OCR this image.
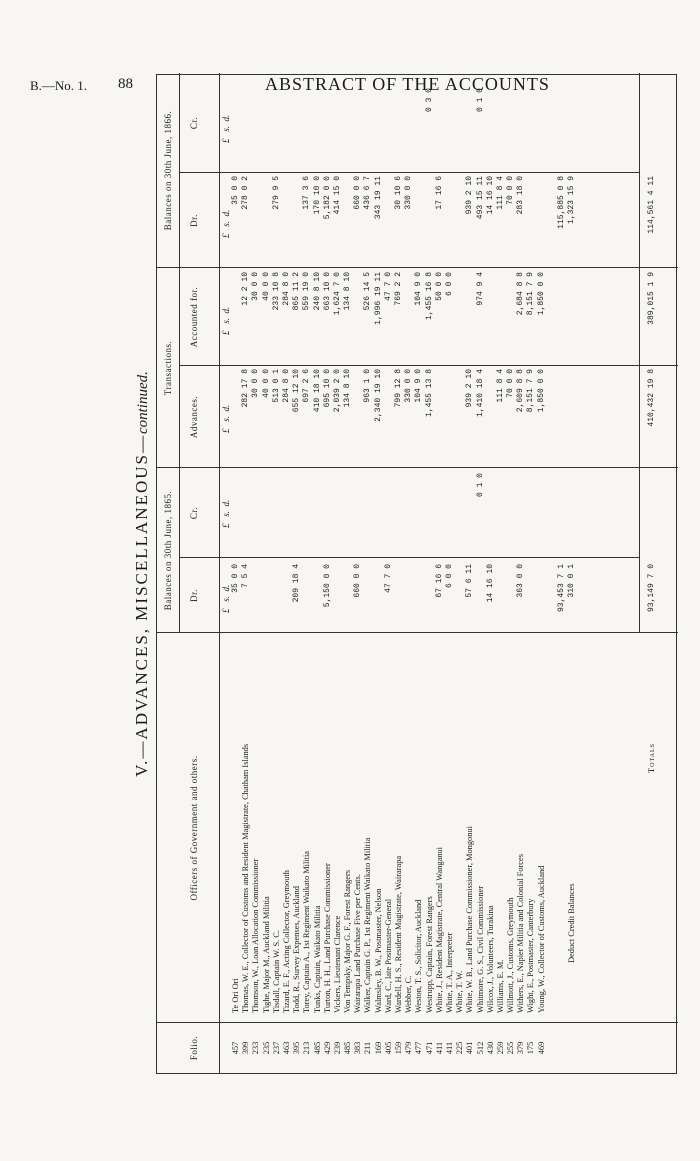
B.—No. 1. 88	ABSTRACT OF THE ACCOUNTS
V.—ADVANCES, MISCELLANEOUS—continued.
Folio.
Officers of Government and others.
Balances on 30th June, 1865.
Transactions.
Balances on 30th June, 1866.
Dr.
Cr.
Advances.
Accounted for.
Dr.
Cr.
£   s.  d.
£   s.  d.
£   s.  d.
£   s.  d.
£   s.  d.
£   s.  d.
457
Te Ori Ori
35 0 0
35 0 0
399
Thomas, W. E., Collector of Customs and Resident Magistrate, Chatham Islands
7 5 4
282 17 8
12 2 10
278 0 2
233
Thomson, W., Loan Allocation Commissioner
30 0 0
30 0 0
235
Tighe, Major M., Auckland Militia
40 0 0
40 0 0
237
Tisdall, Captain W. S. C.
513 0 1
233 10 8
279 9 5
463
Tizard, E. F., Acting Collector, Greymouth
284 8 0
284 8 0
395
Todd, R., Survey Expenses, Auckland
209 18 4
655 12 10
865 11 2
213
Torey, Captain A., 1st Regiment Waikato Militia
697 2 6
559 19 0
137 3 6
485
Tunks, Captain, Waikato Militia
410 18 10
240 8 10
170 10 0
429
Turton, H. H., Land Purchase Commissioner
5,150 0 0
695 10 0
663 10 0
5,182 0 0
239
Vickers, Lieutenant Clarence
2,039 2 0
1,624 7 0
414 15 0
485
Von Tempsky, Major G. F., Forest Rangers
134 8 10
134 8 10
383
Wairarapa Land Purchase Five per Cents.
660 0 0
660 0 0
211
Walker, Captain G. P., 1st Regiment Waikato Militia
963 1 0
526 14 5
436 6 7
169
Walmsley, B. W., Postmaster, Nelson
2,340 19 10
1,996 19 11
343 19 11
405
Ward, C., late Postmaster-General
47 7 0
47 7 0
159
Wardell, H. S., Resident Magistrate, Wairarapa
799 12 8
769 2 2
30 10 6
479
Webber, C.
330 0 0
330 0 0
477
Weston, T. S., Solicitor, Auckland
104 9 0
104 9 0
471
Westrupp, Captain, Forest Rangers
1,455 13 8
1,455 16 8
0 3 0
411
White, J., Resident Magistrate, Central Wanganui
67 16 6
50 0 0
17 16 6
411
White, T. A., Interpreter
6 0 0
6 0 0
225
White, T. W.
401
White, W. B., Land Purchase Commissioner, Mongonui
57 6 11
939 2 10
939 2 10
512
Whitmore, G. S., Civil Commissioner
0 1 0
1,410 18 4
974 9 4
493 15 11
0 1 0
430
Wilcox, J., Volunteers, Turakina
14 16 10
14 16 10
259
Williams, E. M.
111 8 4
111 8 4
255
Willmott, J., Customs, Greymouth
70 0 0
70 0 0
379
Withers, E., Napier Militia and Colonial Forces
363 0 0
2,609 8 8
2,684 8 8
283 18 0
175
Wight, E., Postmaster, Canterbury
8,151 7 9
8,151 7 9
469
Young, W., Collector of Customs, Auckland
1,850 0 0
1,850 0 0
93,453 7 1
115,885 0 8
Deduct Credit Balances
310 0 1
1,323 15 9
Totals
93,149 7 0
410,432 19 8
389,015 1 9
114,561 4 11
